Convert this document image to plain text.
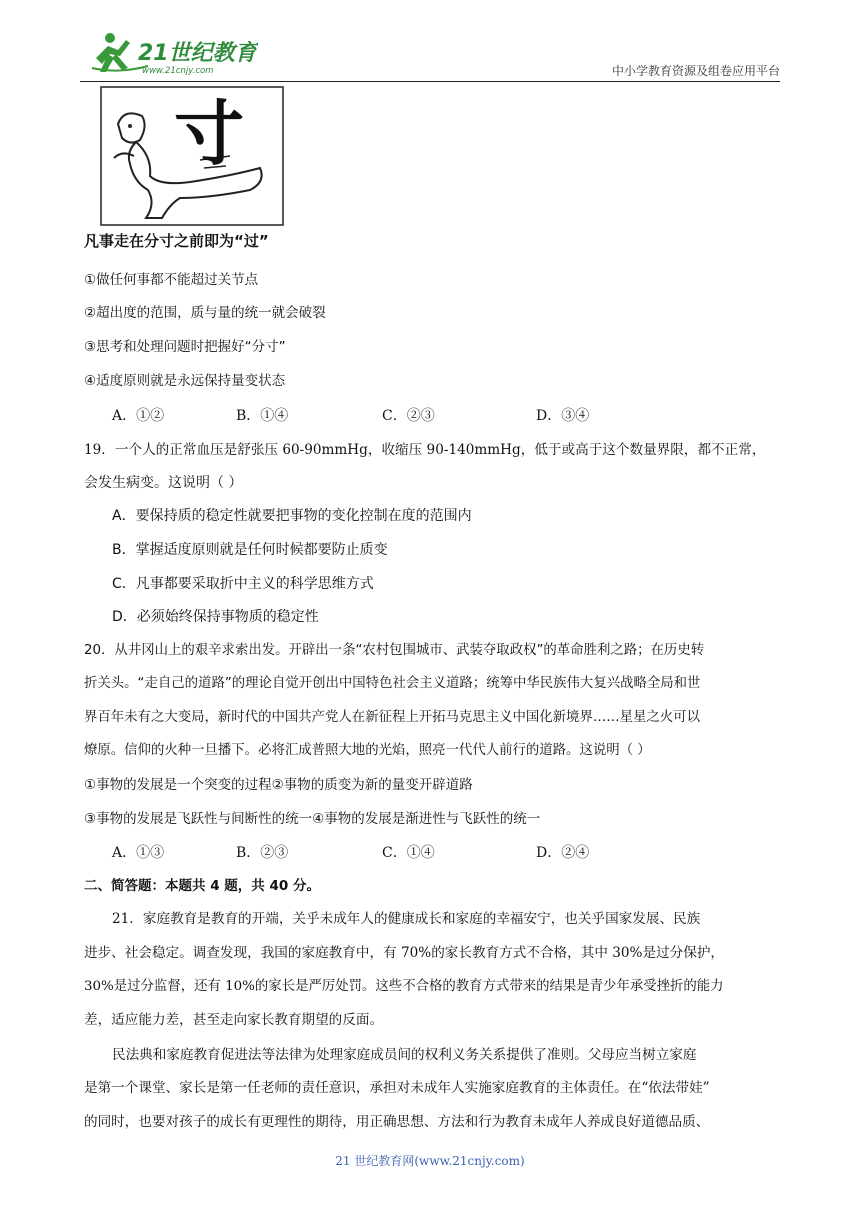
21世纪教育
www.21cnjy.com	中小学教育资源及组卷应用平台
寸
凡事走在分寸之前即为“过”
①做任何事都不能超过关节点
②超出度的范围，质与量的统一就会破裂
③思考和处理问题时把握好“分寸”
④适度原则就是永远保持量变状态
A．①②	B．①④	C．②③	D．③④
19．一个人的正常血压是舒张压 60-90mmHg，收缩压 90-140mmHg，低于或高于这个数量界限，都不正常，
会发生病变。这说明（ ）
A．要保持质的稳定性就要把事物的变化控制在度的范围内
B．掌握适度原则就是任何时候都要防止质变
C．凡事都要采取折中主义的科学思维方式
D．必须始终保持事物质的稳定性
20．从井冈山上的艰辛求索出发。开辟出一条“农村包围城市、武装夺取政权”的革命胜利之路；在历史转
折关头。“走自己的道路”的理论自觉开创出中国特色社会主义道路；统筹中华民族伟大复兴战略全局和世
界百年未有之大变局，新时代的中国共产党人在新征程上开拓马克思主义中国化新境界……星星之火可以
燎原。信仰的火种一旦播下。必将汇成普照大地的光焰，照亮一代代人前行的道路。这说明（ ）
①事物的发展是一个突变的过程②事物的质变为新的量变开辟道路
③事物的发展是飞跃性与间断性的统一④事物的发展是渐进性与飞跃性的统一
A．①③	B．②③	C．①④	D．②④
二、简答题：本题共 4 题，共 40 分。
21．家庭教育是教育的开端，关乎未成年人的健康成长和家庭的幸福安宁，也关乎国家发展、民族
进步、社会稳定。调查发现，我国的家庭教育中，有 70%的家长教育方式不合格，其中 30%是过分保护，
30%是过分监督，还有 10%的家长是严厉处罚。这些不合格的教育方式带来的结果是青少年承受挫折的能力
差，适应能力差，甚至走向家长教育期望的反面。
民法典和家庭教育促进法等法律为处理家庭成员间的权利义务关系提供了准则。父母应当树立家庭
是第一个课堂、家长是第一任老师的责任意识，承担对未成年人实施家庭教育的主体责任。在“依法带娃”
的同时，也要对孩子的成长有更理性的期待，用正确思想、方法和行为教育未成年人养成良好道德品质、
21 世纪教育网(www.21cnjy.com)
